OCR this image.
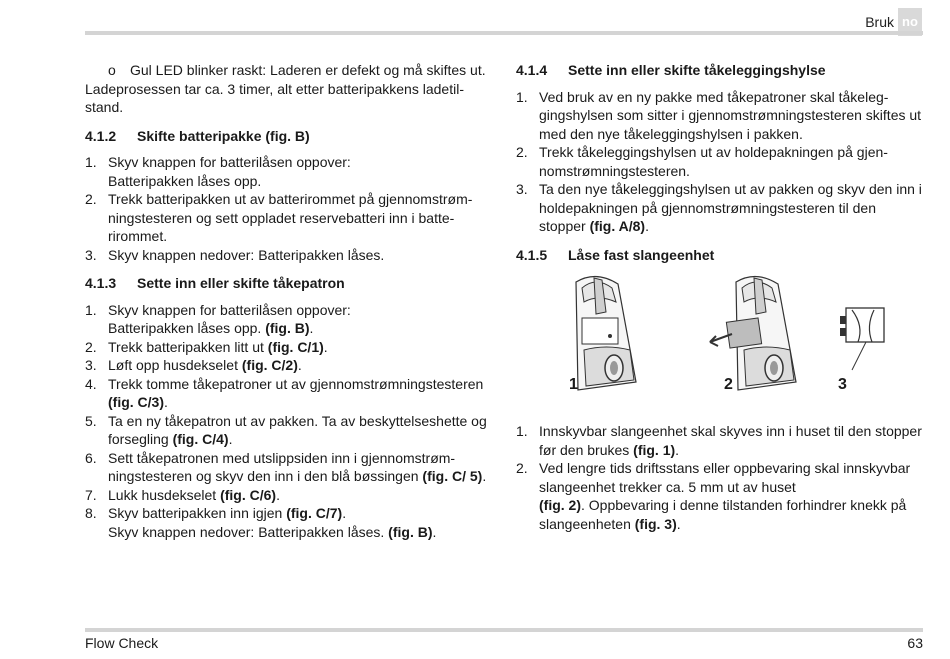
Bruk no
o	Gul LED blinker raskt: Laderen er defekt og må skiftes ut.

Ladeprosessen tar ca. 3 timer, alt etter batteripakkens ladetilstand.

4.1.2	Skifte batteripakke (fig. B)
1. Skyv knappen for batterilåsen oppover:
Batteripakken låses opp.
2. Trekk batteripakken ut av batterirommet på gjennomstrømningstesteren og sett oppladet reservebatteri inn i batterirommet.
3. Skyv knappen nedover: Batteripakken låses.
4.1.3	Sette inn eller skifte tåkepatron
1. Skyv knappen for batterilåsen oppover:
Batteripakken låses opp. (fig. B).
2. Trekk batteripakken litt ut (fig. C/1).
3. Løft opp husdekselet (fig. C/2).
4. Trekk tomme tåkepatroner ut av gjennomstrømningstesteren (fig. C/3).
5. Ta en ny tåkepatron ut av pakken. Ta av beskyttelseshette og forsegling (fig. C/4).
6. Sett tåkepatronen med utslippsiden inn i gjennomstrømningstesteren og skyv den inn i den blå bøssingen (fig. C/ 5).
7. Lukk husdekselet (fig. C/6).
8. Skyv batteripakken inn igjen (fig. C/7).
Skyv knappen nedover: Batteripakken låses. (fig. B).
4.1.4	Sette inn eller skifte tåkeleggingshylse
1. Ved bruk av en ny pakke med tåkepatroner skal tåkeleggingshylsen som sitter i gjennomstrømningstesteren skiftes ut med den nye tåkeleggingshylsen i pakken.
2. Trekk tåkeleggingshylsen ut av holdepakningen på gjennomstrømningstesteren.
3. Ta den nye tåkeleggingshylsen ut av pakken og skyv den inn i holdepakningen på gjennomstrømningstesteren til den stopper (fig. A/8).
4.1.5	Låse fast slangeenhet
1	2	3
1. Innskyvbar slangeenhet skal skyves inn i huset til den stopper før den brukes (fig. 1).
2. Ved lengre tids driftsstans eller oppbevaring skal innskyvbar slangeenhet trekker ca. 5 mm ut av huset
(fig. 2). Oppbevaring i denne tilstanden forhindrer knekk på slangeenheten (fig. 3).
Flow Check	63
